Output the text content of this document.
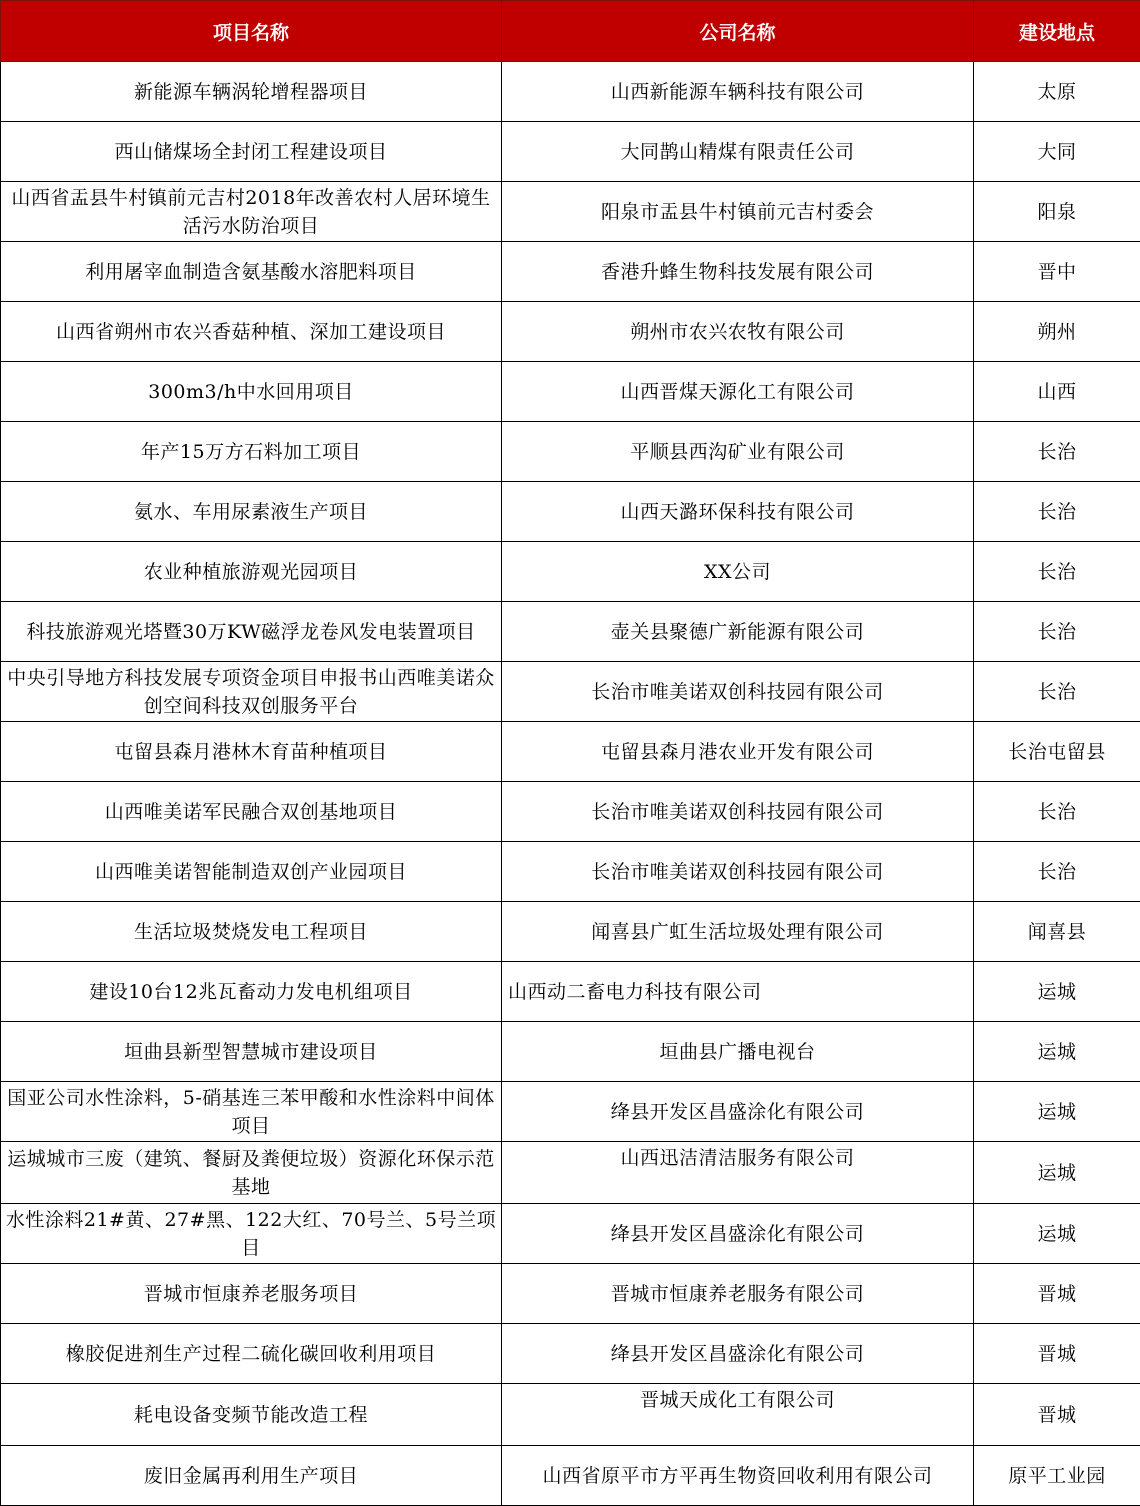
项目名称	公司名称	建设地点
新能源车辆涡轮增程器项目	山西新能源车辆科技有限公司	太原
西山储煤场全封闭工程建设项目	大同鹊山精煤有限责任公司	大同
山西省盂县牛村镇前元吉村2018年改善农村人居环境生活污水防治项目	阳泉市盂县牛村镇前元吉村委会	阳泉
利用屠宰血制造含氨基酸水溶肥料项目	香港升蜂生物科技发展有限公司	晋中
山西省朔州市农兴香菇种植、深加工建设项目	朔州市农兴农牧有限公司	朔州
300m3/h中水回用项目	山西晋煤天源化工有限公司	山西
年产15万方石料加工项目	平顺县西沟矿业有限公司	长治
氨水、车用尿素液生产项目	山西天潞环保科技有限公司	长治
农业种植旅游观光园项目	XX公司	长治
科技旅游观光塔暨30万KW磁浮龙卷风发电装置项目	壶关县聚德广新能源有限公司	长治
中央引导地方科技发展专项资金项目申报书山西唯美诺众创空间科技双创服务平台	长治市唯美诺双创科技园有限公司	长治
屯留县森月港林木育苗种植项目	屯留县森月港农业开发有限公司	长治屯留县
山西唯美诺军民融合双创基地项目	长治市唯美诺双创科技园有限公司	长治
山西唯美诺智能制造双创产业园项目	长治市唯美诺双创科技园有限公司	长治
生活垃圾焚烧发电工程项目	闻喜县广虹生活垃圾处理有限公司	闻喜县
建设10台12兆瓦畜动力发电机组项目	山西动二畜电力科技有限公司	运城
垣曲县新型智慧城市建设项目	垣曲县广播电视台	运城
国亚公司水性涂料，5-硝基连三苯甲酸和水性涂料中间体项目	绛县开发区昌盛涂化有限公司	运城
运城城市三废（建筑、餐厨及粪便垃圾）资源化环保示范基地	山西迅洁清洁服务有限公司	运城
水性涂料21#黄、27#黑、122大红、70号兰、5号兰项目	绛县开发区昌盛涂化有限公司	运城
晋城市恒康养老服务项目	晋城市恒康养老服务有限公司	晋城
橡胶促进剂生产过程二硫化碳回收利用项目	绛县开发区昌盛涂化有限公司	晋城
耗电设备变频节能改造工程	晋城天成化工有限公司	晋城
废旧金属再利用生产项目	山西省原平市方平再生物资回收利用有限公司	原平工业园
